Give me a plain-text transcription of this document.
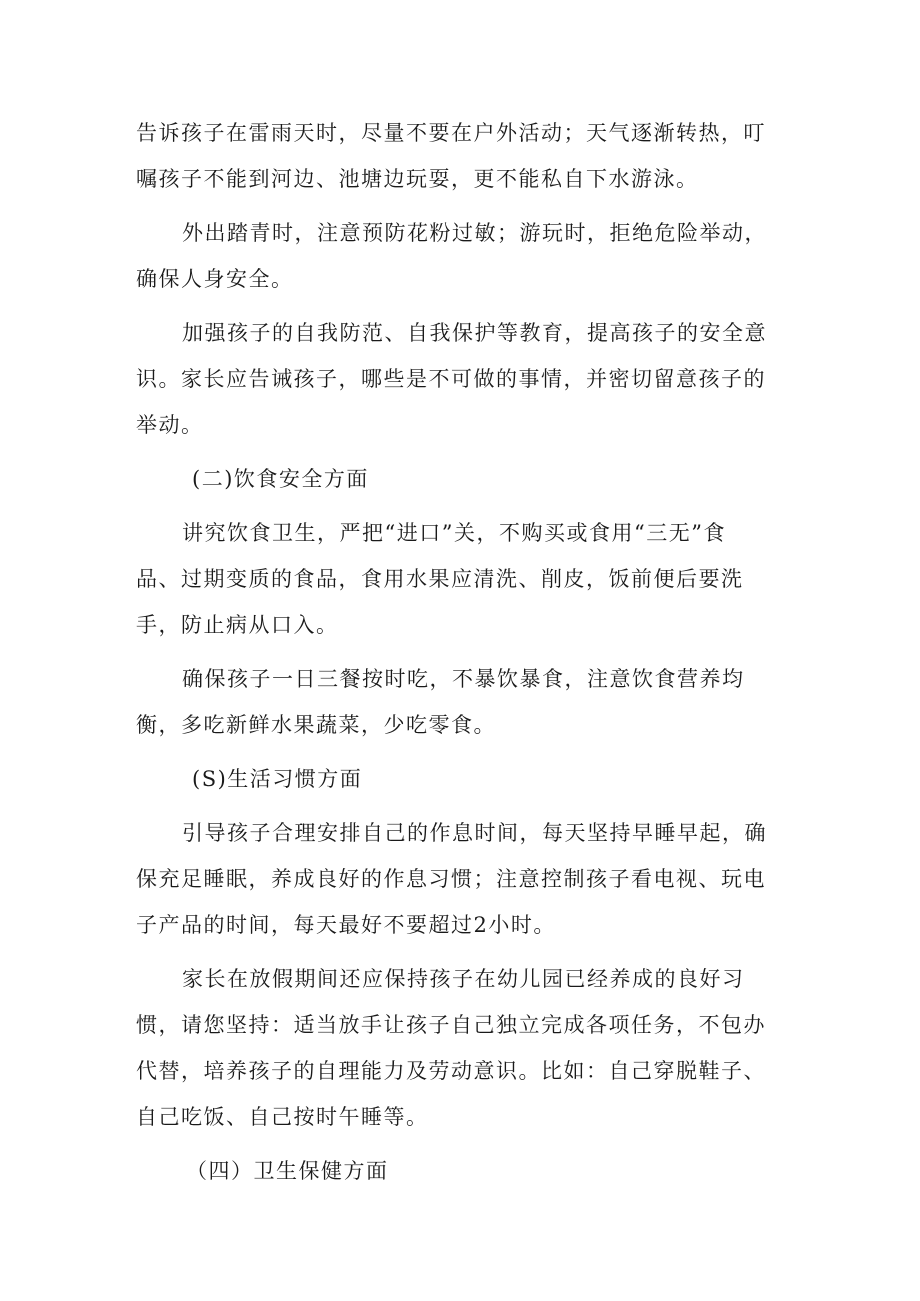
告诉孩子在雷雨天时，尽量不要在户外活动；天气逐渐转热，叮

嘱孩子不能到河边、池塘边玩耍，更不能私自下水游泳。

外出踏青时，注意预防花粉过敏；游玩时，拒绝危险举动，

确保人身安全。

加强孩子的自我防范、自我保护等教育，提高孩子的安全意

识。家长应告诫孩子，哪些是不可做的事情，并密切留意孩子的

举动。

(二)饮食安全方面

讲究饮食卫生，严把“进口”关，不购买或食用“三无”食

品、过期变质的食品，食用水果应清洗、削皮，饭前便后要洗

手，防止病从口入。

确保孩子一日三餐按时吃，不暴饮暴食，注意饮食营养均

衡，多吃新鲜水果蔬菜，少吃零食。

(S)生活习惯方面

引导孩子合理安排自己的作息时间，每天坚持早睡早起，确

保充足睡眠，养成良好的作息习惯；注意控制孩子看电视、玩电

子产品的时间，每天最好不要超过2小时。

家长在放假期间还应保持孩子在幼儿园已经养成的良好习

惯，请您坚持：适当放手让孩子自己独立完成各项任务，不包办

代替，培养孩子的自理能力及劳动意识。比如：自己穿脱鞋子、

自己吃饭、自己按时午睡等。

（四）卫生保健方面
